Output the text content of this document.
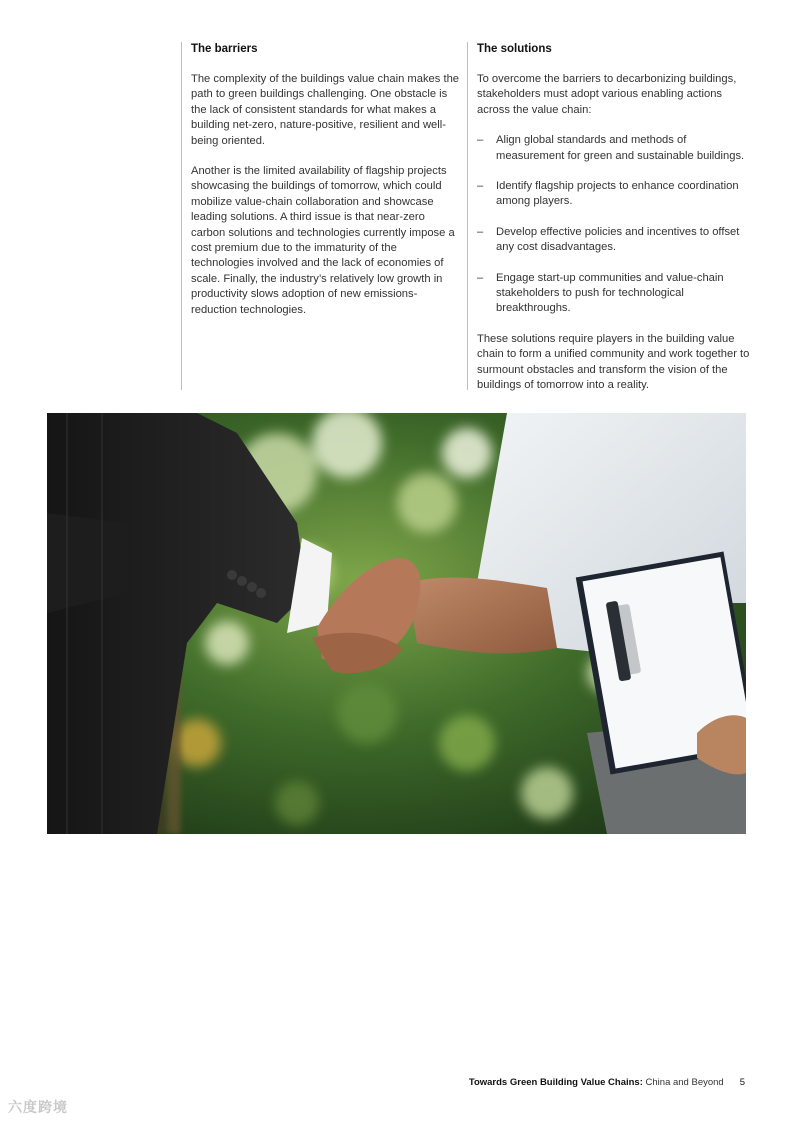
The barriers

The complexity of the buildings value chain makes the path to green buildings challenging. One obstacle is the lack of consistent standards for what makes a building net-zero, nature-positive, resilient and well-being oriented.

Another is the limited availability of flagship projects showcasing the buildings of tomorrow, which could mobilize value-chain collaboration and showcase leading solutions. A third issue is that near-zero carbon solutions and technologies currently impose a cost premium due to the immaturity of the technologies involved and the lack of economies of scale. Finally, the industry’s relatively low growth in productivity slows adoption of new emissions-reduction technologies.

The solutions

To overcome the barriers to decarbonizing buildings, stakeholders must adopt various enabling actions across the value chain:

– Align global standards and methods of measurement for green and sustainable buildings.
– Identify flagship projects to enhance coordination among players.
– Develop effective policies and incentives to offset any cost disadvantages.
– Engage start-up communities and value-chain stakeholders to push for technological breakthroughs.

These solutions require players in the building value chain to form a unified community and work together to surmount obstacles and transform the vision of the buildings of tomorrow into a reality.

Towards Green Building Value Chains: China and Beyond 5
六度跨境
